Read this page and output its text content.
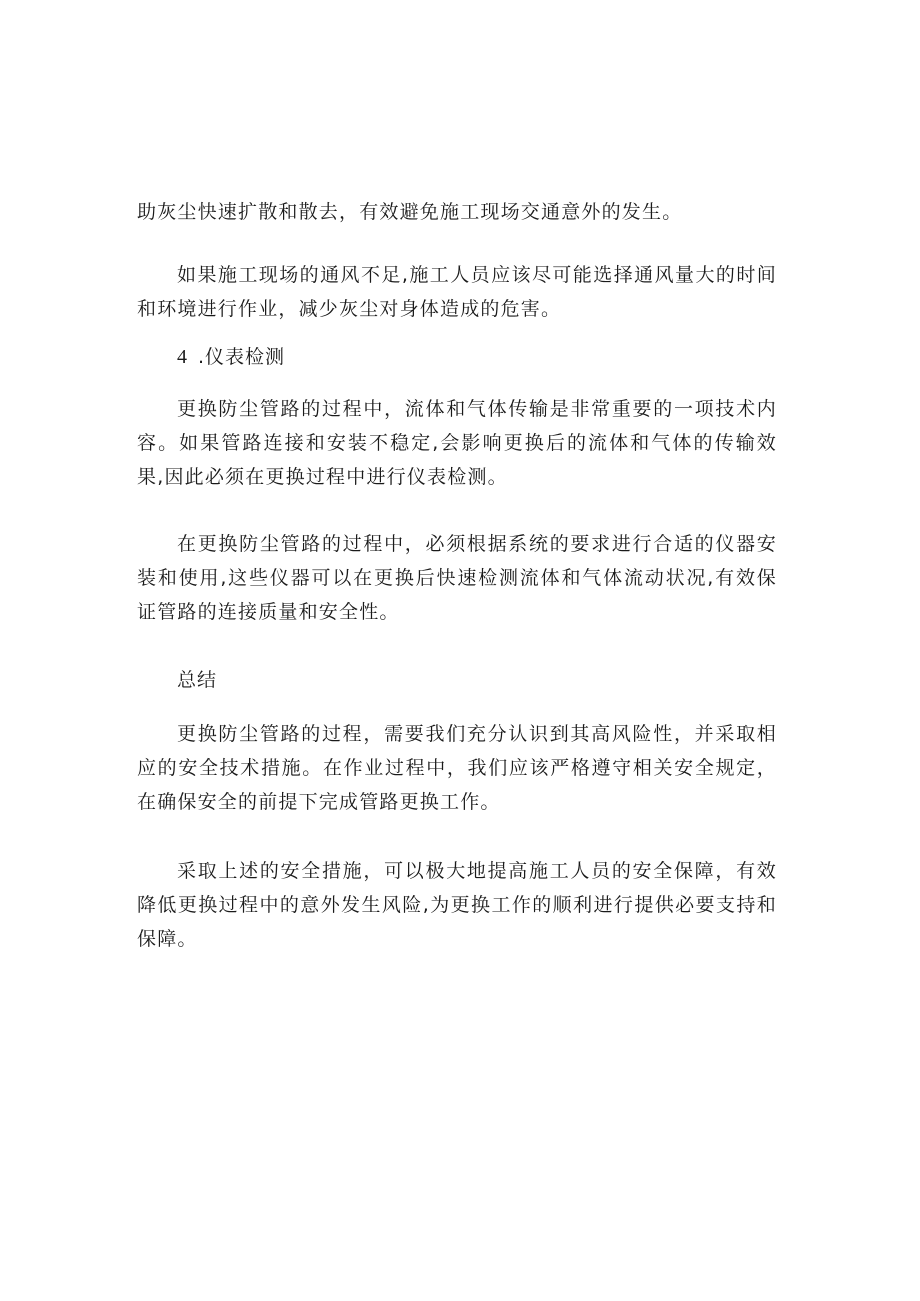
助灰尘快速扩散和散去，有效避免施工现场交通意外的发生。

如果施工现场的通风不足,施工人员应该尽可能选择通风量大的时间和环境进行作业，减少灰尘对身体造成的危害。

4 .仪表检测

更换防尘管路的过程中，流体和气体传输是非常重要的一项技术内容。如果管路连接和安装不稳定,会影响更换后的流体和气体的传输效果,因此必须在更换过程中进行仪表检测。

在更换防尘管路的过程中，必须根据系统的要求进行合适的仪器安装和使用,这些仪器可以在更换后快速检测流体和气体流动状况,有效保证管路的连接质量和安全性。

总结

更换防尘管路的过程，需要我们充分认识到其高风险性，并采取相应的安全技术措施。在作业过程中，我们应该严格遵守相关安全规定，在确保安全的前提下完成管路更换工作。

采取上述的安全措施，可以极大地提高施工人员的安全保障，有效降低更换过程中的意外发生风险,为更换工作的顺利进行提供必要支持和保障。
